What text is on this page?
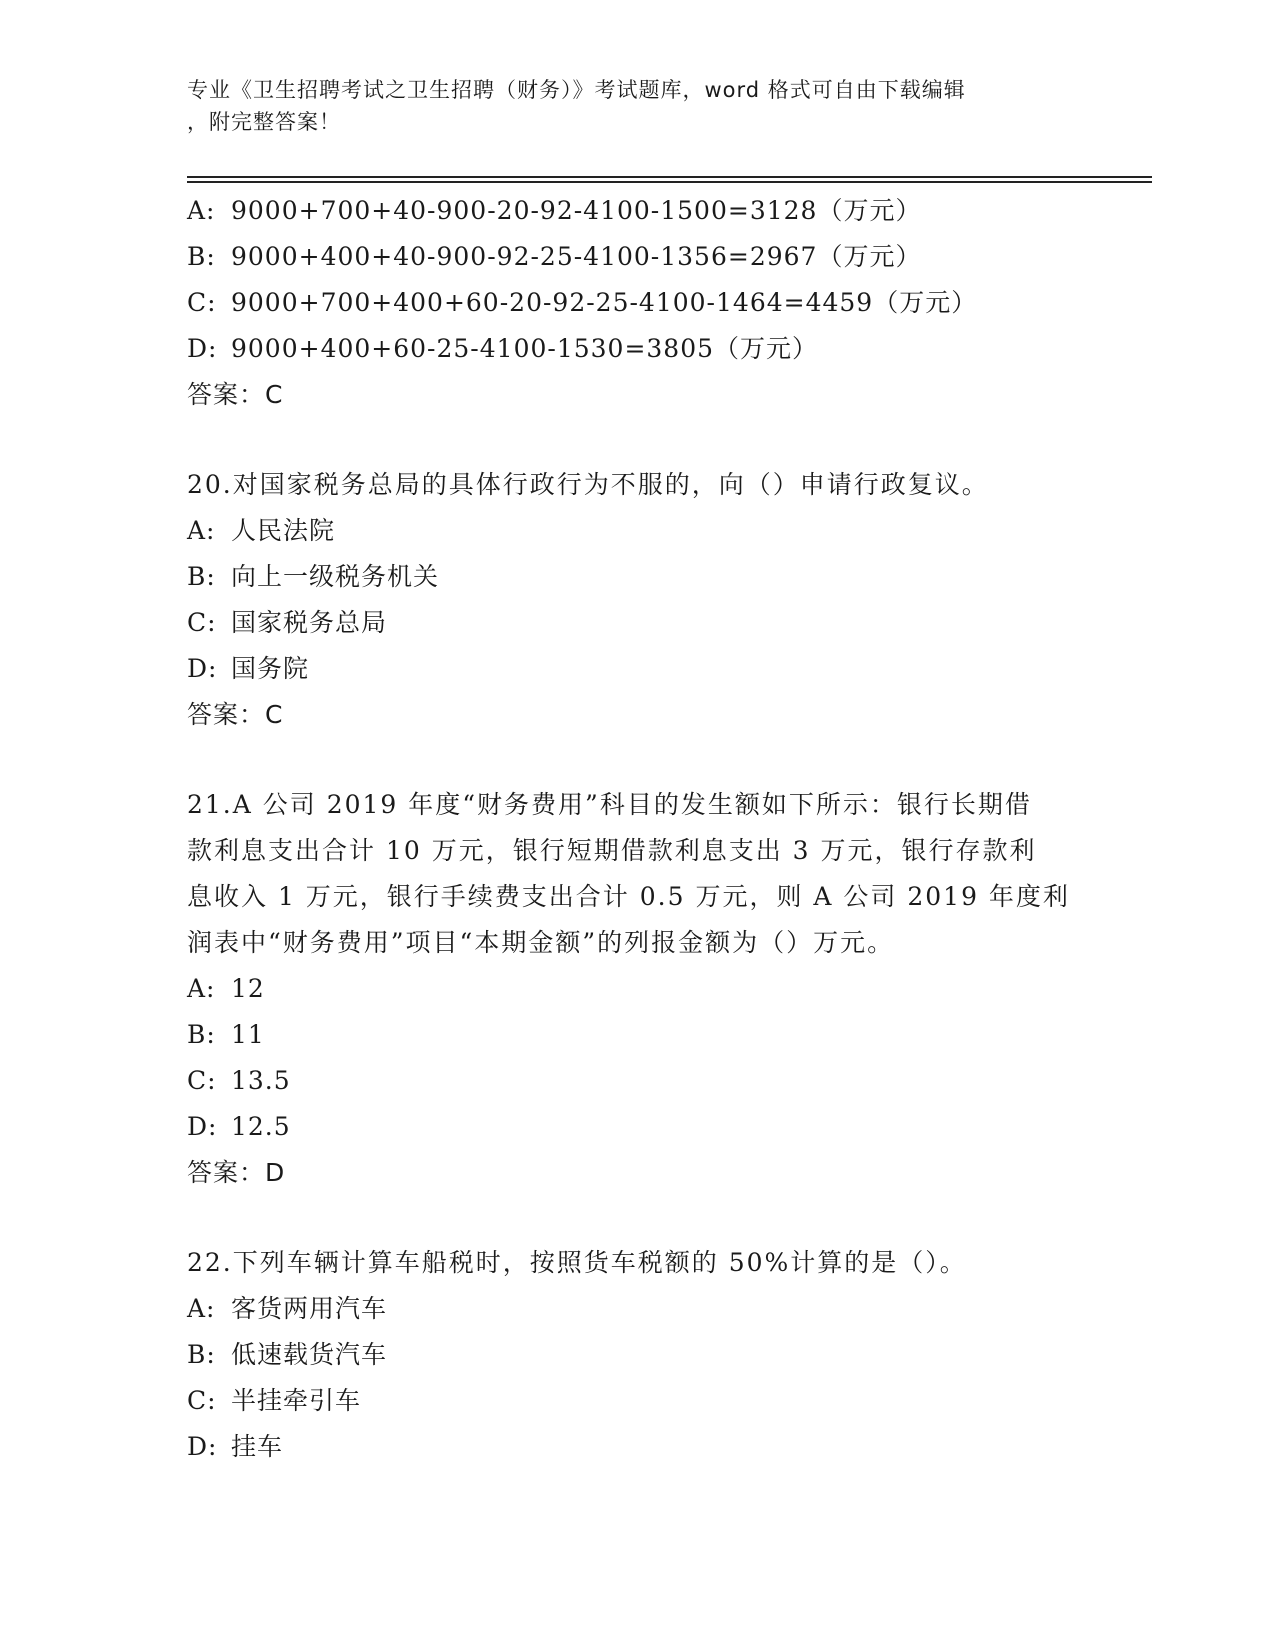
专业《卫生招聘考试之卫生招聘（财务）》考试题库，word 格式可自由下载编辑
，附完整答案！
A: 9000+700+40-900-20-92-4100-1500=3128（万元）
B: 9000+400+40-900-92-25-4100-1356=2967（万元）
C: 9000+700+400+60-20-92-25-4100-1464=4459（万元）
D: 9000+400+60-25-4100-1530=3805（万元）
答案：C
20.对国家税务总局的具体行政行为不服的，向（）申请行政复议。
A: 人民法院
B: 向上一级税务机关
C: 国家税务总局
D: 国务院
答案：C
21.A 公司 2019 年度“财务费用”科目的发生额如下所示：银行长期借
款利息支出合计 10 万元，银行短期借款利息支出 3 万元，银行存款利
息收入 1 万元，银行手续费支出合计 0.5 万元，则 A 公司 2019 年度利
润表中“财务费用”项目“本期金额”的列报金额为（）万元。
A: 12
B: 11
C: 13.5
D: 12.5
答案：D
22.下列车辆计算车船税时，按照货车税额的 50%计算的是（）。
A: 客货两用汽车
B: 低速载货汽车
C: 半挂牵引车
D: 挂车
